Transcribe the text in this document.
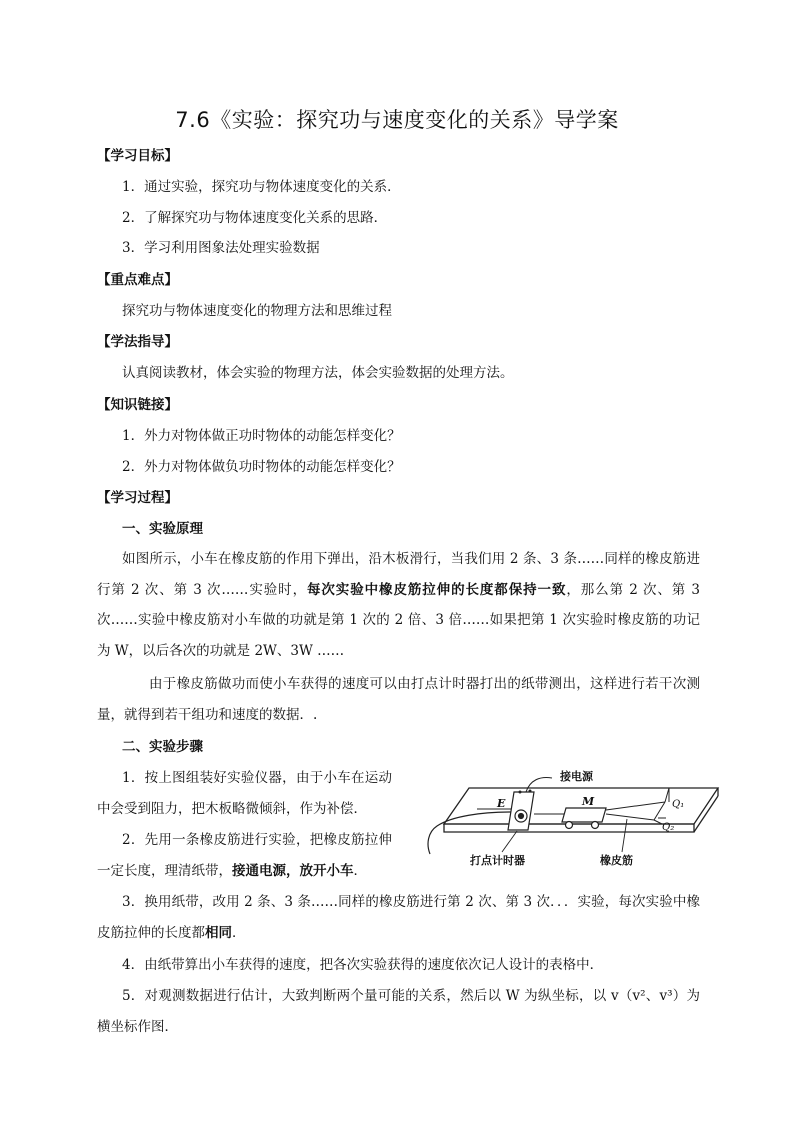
7.6《实验：探究功与速度变化的关系》导学案
【学习目标】
1．通过实验，探究功与物体速度变化的关系．
2．了解探究功与物体速度变化关系的思路．
3．学习利用图象法处理实验数据
【重点难点】
探究功与物体速度变化的物理方法和思维过程
【学法指导】
认真阅读教材，体会实验的物理方法，体会实验数据的处理方法。
【知识链接】
1．外力对物体做正功时物体的动能怎样变化？
2．外力对物体做负功时物体的动能怎样变化？
【学习过程】
一、实验原理
如图所示，小车在橡皮筋的作用下弹出，沿木板滑行，当我们用 2 条、3 条……同样的橡皮筋进行第 2 次、第 3 次……实验时，每次实验中橡皮筋拉伸的长度都保持一致，那么第 2 次、第 3 次……实验中橡皮筋对小车做的功就是第 1 次的 2 倍、3 倍……如果把第 1 次实验时橡皮筋的功记为 W，以后各次的功就是 2W、3W ……
由于橡皮筋做功而使小车获得的速度可以由打点计时器打出的纸带测出，这样进行若干次测量，就得到若干组功和速度的数据．.
二、实验步骤
1．按上图组装好实验仪器，由于小车在运动中会受到阻力，把木板略微倾斜，作为补偿．
2．先用一条橡皮筋进行实验，把橡皮筋拉伸一定长度，理清纸带，接通电源，放开小车．
3．换用纸带，改用 2 条、3 条……同样的橡皮筋进行第 2 次、第 3 次．．．实验，每次实验中橡皮筋拉伸的长度都相同．
4．由纸带算出小车获得的速度，把各次实验获得的速度依次记人设计的表格中．
5．对观测数据进行估计，大致判断两个量可能的关系，然后以 W 为纵坐标，以 v（v²、v³）为横坐标作图．
接电源
E	M	Q₁
Q₂
打点计时器	橡皮筋
